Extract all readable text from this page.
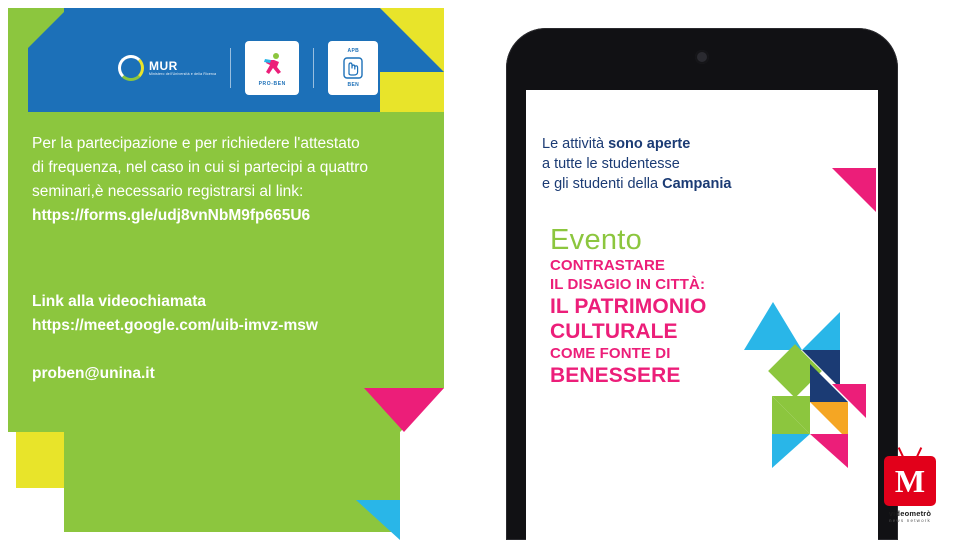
MUR
Ministero dell'Università e della Ricerca
PRO-BEN
APB
BEN
Per la partecipazione e per richiedere l'attestato
di frequenza, nel caso in cui si partecipi a quattro
seminari,è necessario registrarsi al link:
https://forms.gle/udj8vnNbM9fp665U6
Link alla videochiamata
https://meet.google.com/uib-imvz-msw
proben@unina.it
Le attività sono aperte
a tutte le studentesse
e gli studenti della Campania
Evento
CONTRASTARE
IL DISAGIO IN CITTÀ:
IL PATRIMONIO
CULTURALE
COME FONTE DI
BENESSERE
M
videometrò
news network
